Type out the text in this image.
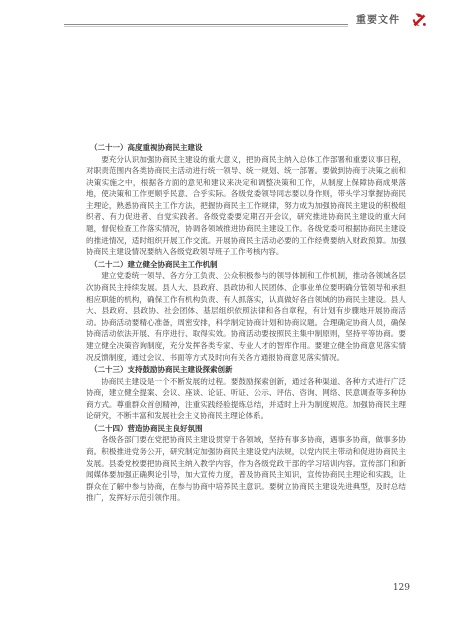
重要文件
（二十一）高度重视协商民主建设

要充分认识加强协商民主建设的重大意义，把协商民主纳入总体工作部署和重要议事日程，对职责范围内各类协商民主活动进行统一领导、统一规划、统一部署。要做到协商于决策之前和决策实施之中，根据各方面的意见和建议来决定和调整决策和工作，从制度上保障协商成果落地，使决策和工作更顺乎民意、合乎实际。各级党委领导同志要以身作则，带头学习掌握协商民主理论，熟悉协商民主工作方法，把握协商民主工作规律，努力成为加强协商民主建设的积极组织者、有力促进者、自觉实践者。各级党委要定期召开会议，研究推进协商民主建设的重大问题，督促检查工作落实情况，协调各领域推进协商民主建设工作。各级党委可根据协商民主建设的推进情况，适时组织开展工作交流。开展协商民主活动必要的工作经费要纳入财政预算。加强协商民主建设情况要纳入各级党政领导班子工作考核内容。

（二十二）建立健全协商民主工作机制

建立党委统一领导、各方分工负责、公众积极参与的领导体制和工作机制，推动各领域各层次协商民主持续发展。县人大、县政府、县政协和人民团体、企事业单位要明确分管领导和承担相应职能的机构，确保工作有机构负责、有人抓落实，认真做好各自领域的协商民主建设。县人大、县政府、县政协、社会团体、基层组织依照法律和各自章程，有计划有步骤地开展协商活动。协商活动要精心准备，周密安排，科学制定协商计划和协商议题。合理确定协商人员，确保协商活动依法开展、有序进行、取得实效。协商活动要按照民主集中制原则，坚持平等协商。要建立健全决策咨询制度，充分发挥各类专家、专业人才的智库作用。要建立健全协商意见落实情况反馈制度，通过会议、书面等方式及时向有关各方通报协商意见落实情况。

（二十三）支持鼓励协商民主建设探索创新

协商民主建设是一个不断发展的过程。要鼓励探索创新，通过各种渠道、各种方式进行广泛协商，建立健全提案、会议、座谈、论证、听证、公示、评估、咨询、网络、民意调查等多种协商方式。尊重群众首创精神，注重实践经验提炼总结，并适时上升为制度规范。加强协商民主理论研究，不断丰富和发展社会主义协商民主理论体系。

（二十四）营造协商民主良好氛围

各级各部门要在党把协商民主建设贯穿于各领域，坚持有事多协商，遇事多协商，做事多协商。积极推进党务公开，研究制定加强协商民主建设党内法规，以党内民主带动和促进协商民主发展。县委党校要把协商民主纳入教学内容，作为各级党政干部的学习培训内容。宣传部门和新闻媒体要加强正确舆论引导，加大宣传力度，普及协商民主知识，宣传协商民主理论和实践，让群众在了解中参与协商，在参与协商中培养民主意识。要树立协商民主建设先进典型，及时总结推广，发挥好示范引领作用。

129
